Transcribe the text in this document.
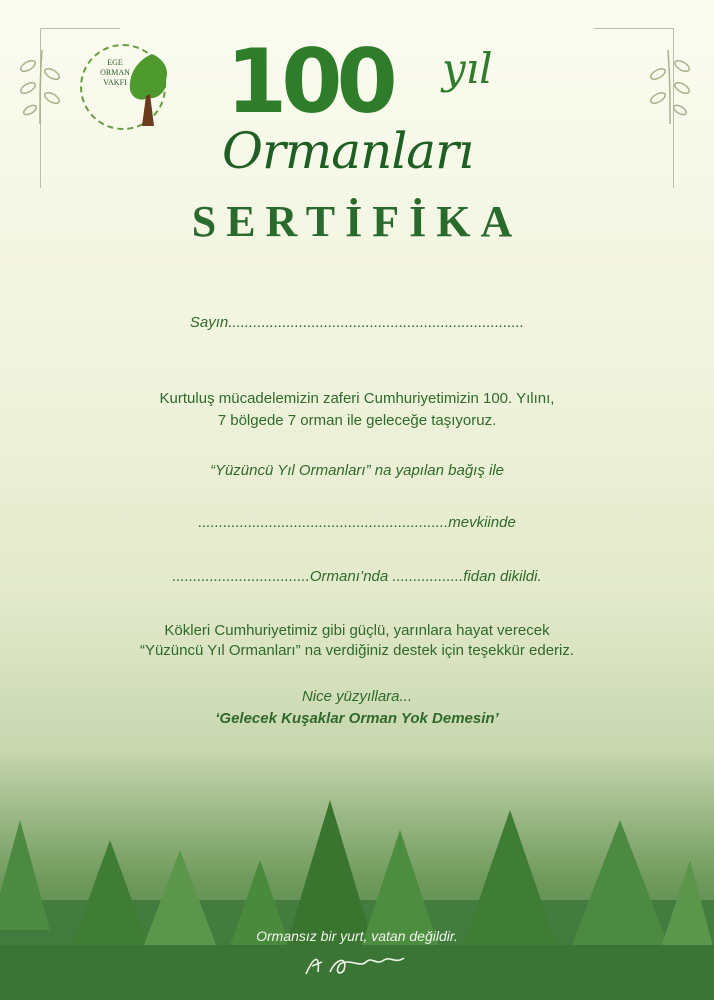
EGE
ORMAN
VAKFI 100 yıl
Ormanları
SERTİFİKA
Sayın.......................................................................
Kurtuluş mücadelemizin zaferi Cumhuriyetimizin 100. Yılını,
7 bölgede 7 orman ile geleceğe taşıyoruz.
“Yüzüncü Yıl Ormanları” na yapılan bağış ile
............................................................mevkiinde
.................................Ormanı’nda .................fidan dikildi.
Kökleri Cumhuriyetimiz gibi güçlü, yarınlara hayat verecek
“Yüzüncü Yıl Ormanları” na verdiğiniz destek için teşekkür ederiz.
Nice yüzyıllara...
‘Gelecek Kuşaklar Orman Yok Demesin’
Ormansız bir yurt, vatan değildir.
